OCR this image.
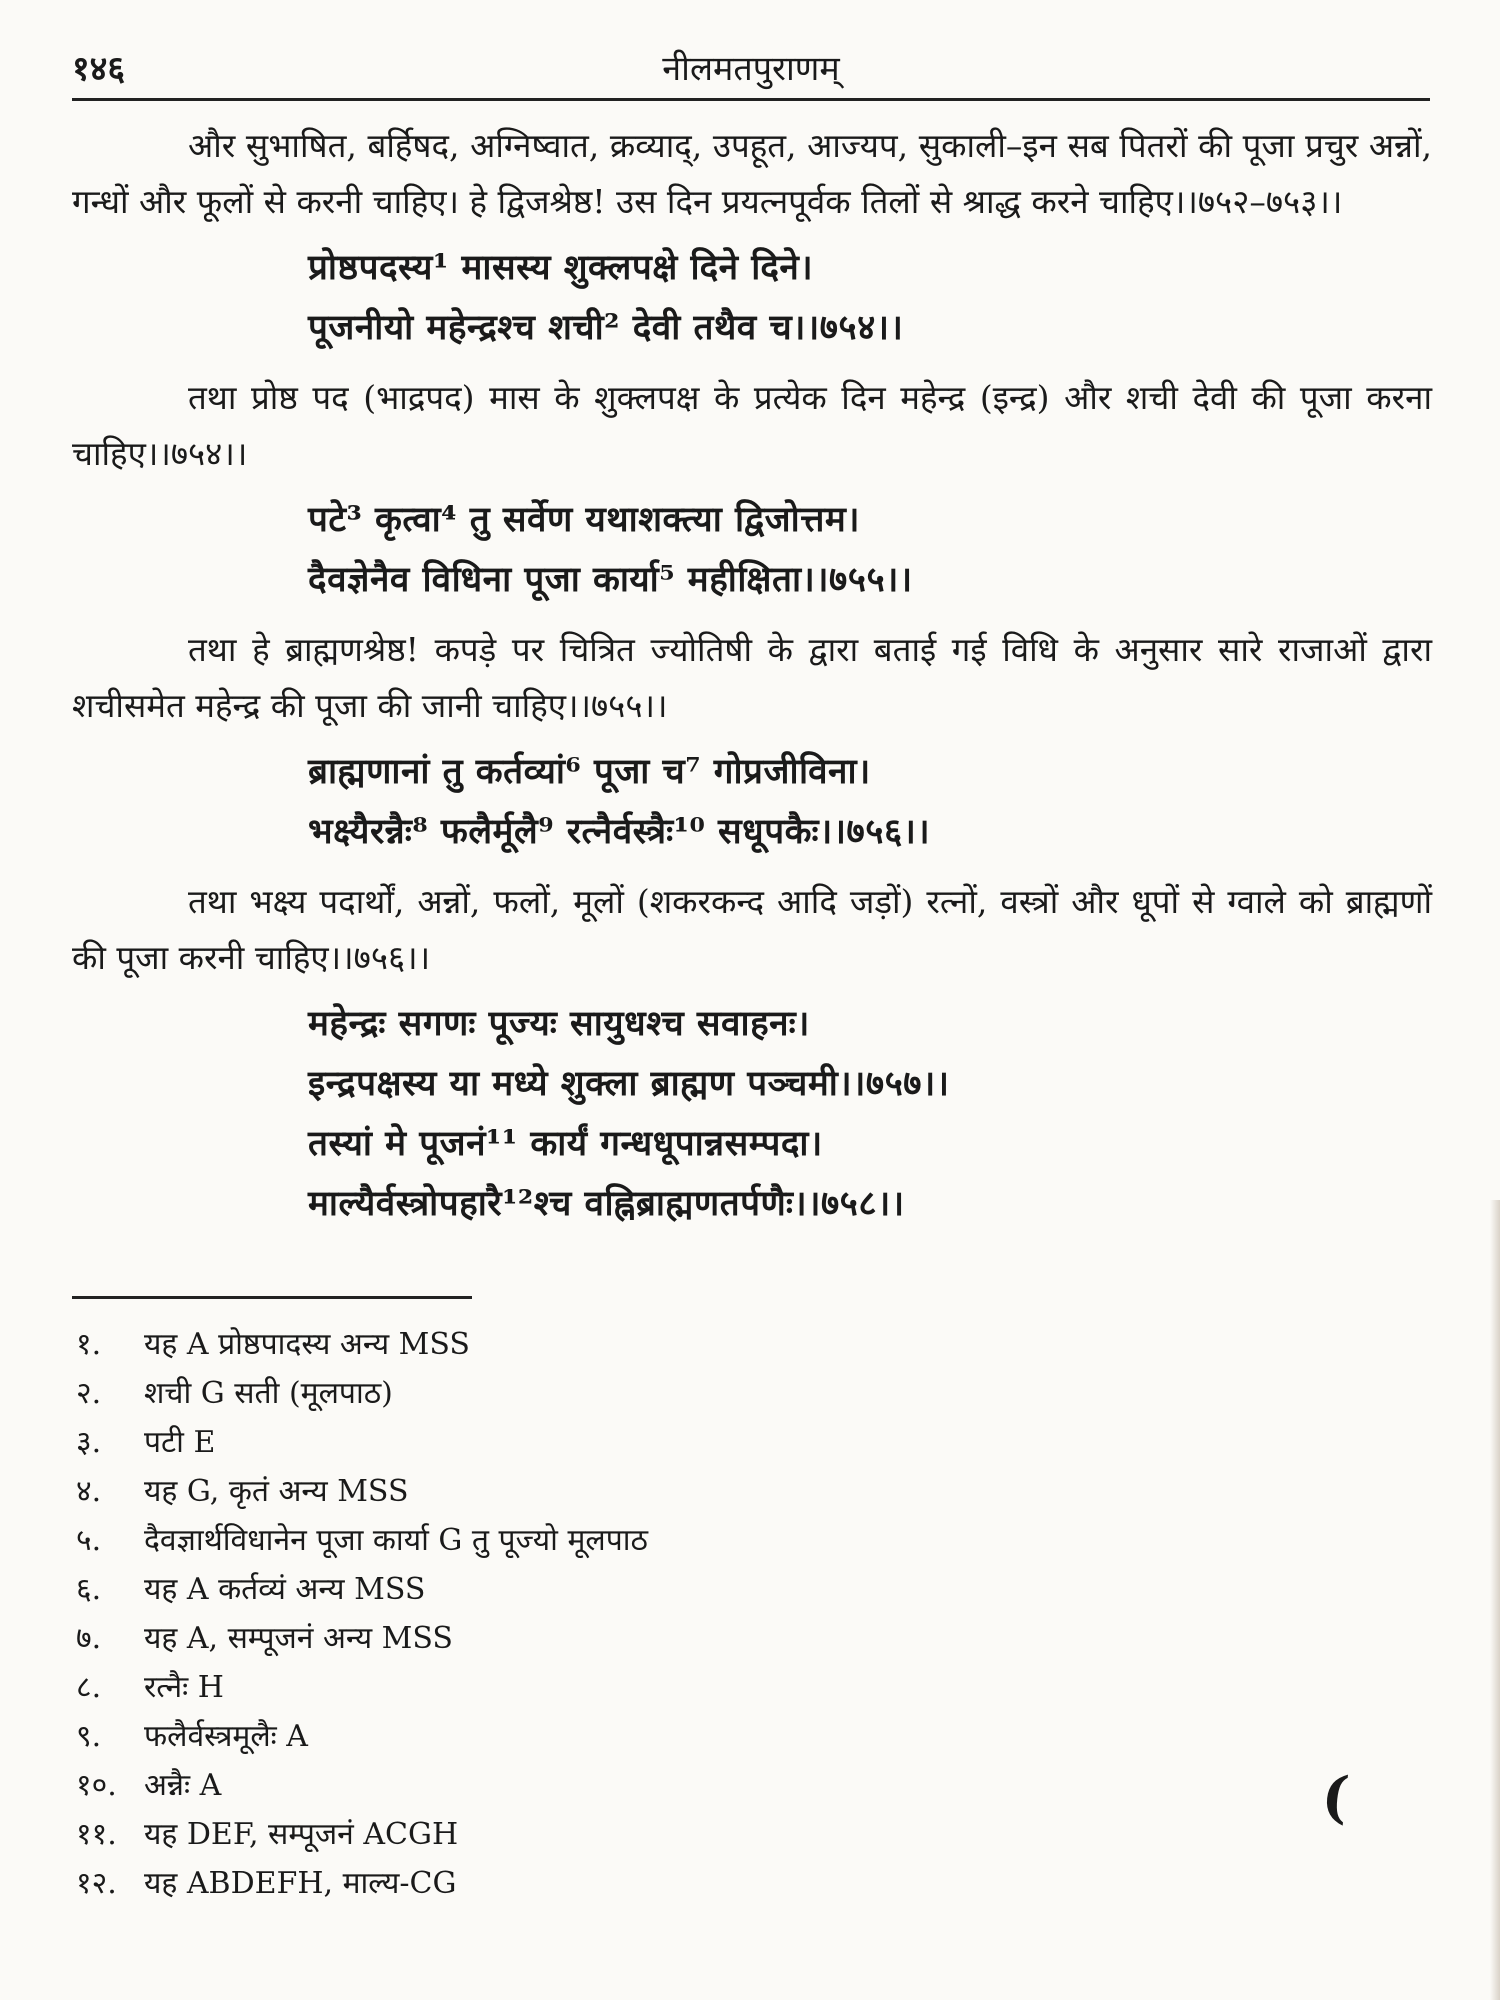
१४६	नीलमतपुराणम्

और सुभाषित, बर्हिषद, अग्निष्वात, क्रव्याद्, उपहूत, आज्यप, सुकाली–इन सब पितरों की पूजा प्रचुर अन्नों, गन्धों और फूलों से करनी चाहिए। हे द्विजश्रेष्ठ! उस दिन प्रयत्नपूर्वक तिलों से श्राद्ध करने चाहिए।।७५२–७५३।।

प्रोष्ठपदस्य¹ मासस्य शुक्लपक्षे दिने दिने।
पूजनीयो महेन्द्रश्च शची² देवी तथैव च।।७५४।।

तथा प्रोष्ठ पद (भाद्रपद) मास के शुक्लपक्ष के प्रत्येक दिन महेन्द्र (इन्द्र) और शची देवी की पूजा करना चाहिए।।७५४।।

पटे³ कृत्वा⁴ तु सर्वेण यथाशक्त्या द्विजोत्तम।
दैवज्ञेनैव विधिना पूजा कार्या⁵ महीक्षिता।।७५५।।

तथा हे ब्राह्मणश्रेष्ठ! कपड़े पर चित्रित ज्योतिषी के द्वारा बताई गई विधि के अनुसार सारे राजाओं द्वारा शचीसमेत महेन्द्र की पूजा की जानी चाहिए।।७५५।।

ब्राह्मणानां तु कर्तव्यां⁶ पूजा च⁷ गोप्रजीविना।
भक्ष्यैरन्नैः⁸ फलैर्मूलै⁹ रत्नैर्वस्त्रैः¹⁰ सधूपकैः।।७५६।।

तथा भक्ष्य पदार्थों, अन्नों, फलों, मूलों (शकरकन्द आदि जड़ों) रत्नों, वस्त्रों और धूपों से ग्वाले को ब्राह्मणों की पूजा करनी चाहिए।।७५६।।

महेन्द्रः सगणः पूज्यः सायुधश्च सवाहनः।
इन्द्रपक्षस्य या मध्ये शुक्ला ब्राह्मण पञ्चमी।।७५७।।
तस्यां मे पूजनं¹¹ कार्यं गन्धधूपान्नसम्पदा।
माल्यैर्वस्त्रोपहारै¹²श्च वह्निब्राह्मणतर्पणैः।।७५८।।
१.	यह A प्रोष्ठपादस्य अन्य MSS
२.	शची G सती (मूलपाठ)
३.	पटी E
४.	यह G, कृतं अन्य MSS
५.	दैवज्ञार्थविधानेन पूजा कार्या G तु पूज्यो मूलपाठ
६.	यह A कर्तव्यं अन्य MSS
७.	यह A, सम्पूजनं अन्य MSS
८.	रत्नैः H
९.	फलैर्वस्त्रमूलैः A
१०. अन्नैः A
११. यह DEF, सम्पूजनं ACGH
१२. यह ABDEFH, माल्य-CG
(
